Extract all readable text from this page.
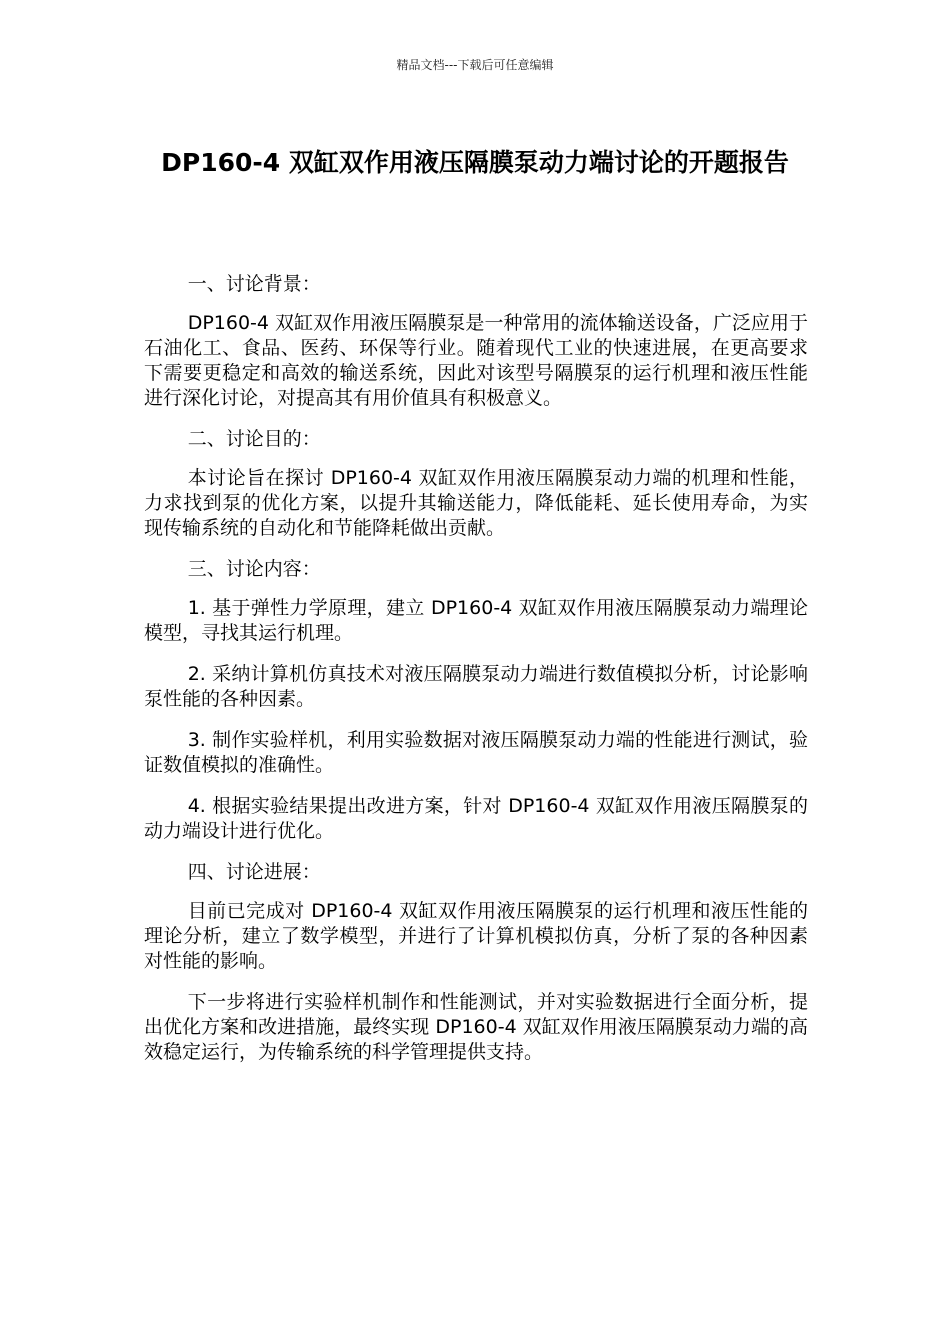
精品文档---下载后可任意编辑
DP160-4 双缸双作用液压隔膜泵动力端讨论的开题报告

一、讨论背景：

DP160-4 双缸双作用液压隔膜泵是一种常用的流体输送设备，广泛应用于石油化工、食品、医药、环保等行业。随着现代工业的快速进展，在更高要求下需要更稳定和高效的输送系统，因此对该型号隔膜泵的运行机理和液压性能进行深化讨论，对提高其有用价值具有积极意义。

二、讨论目的：

本讨论旨在探讨 DP160-4 双缸双作用液压隔膜泵动力端的机理和性能，力求找到泵的优化方案，以提升其输送能力，降低能耗、延长使用寿命，为实现传输系统的自动化和节能降耗做出贡献。

三、讨论内容：

1. 基于弹性力学原理，建立 DP160-4 双缸双作用液压隔膜泵动力端理论模型，寻找其运行机理。

2. 采纳计算机仿真技术对液压隔膜泵动力端进行数值模拟分析，讨论影响泵性能的各种因素。

3. 制作实验样机，利用实验数据对液压隔膜泵动力端的性能进行测试，验证数值模拟的准确性。

4. 根据实验结果提出改进方案，针对 DP160-4 双缸双作用液压隔膜泵的动力端设计进行优化。

四、讨论进展：

目前已完成对 DP160-4 双缸双作用液压隔膜泵的运行机理和液压性能的理论分析，建立了数学模型，并进行了计算机模拟仿真，分析了泵的各种因素对性能的影响。

下一步将进行实验样机制作和性能测试，并对实验数据进行全面分析，提出优化方案和改进措施，最终实现 DP160-4 双缸双作用液压隔膜泵动力端的高效稳定运行，为传输系统的科学管理提供支持。
